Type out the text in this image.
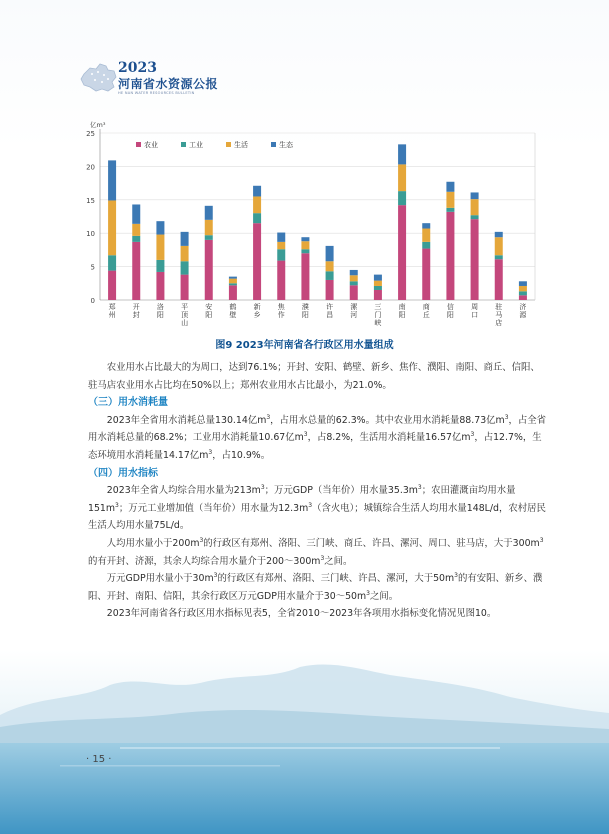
2023
河南省水资源公报
HE NAN WATER RESOURCES BULLETIN
0
5
10
15
20
25
亿m³
农业	工业	生活	生态
郑州
开封
洛阳
平顶山
安阳
鹤壁
新乡
焦作
濮阳
许昌
漯河
三门峡
南阳
商丘
信阳
周口
驻马店
济源
图9 2023年河南省各行政区用水量组成

农业用水占比最大的为周口，达到76.1%；开封、安阳、鹤壁、新乡、焦作、濮阳、南阳、商丘、信阳、驻马店农业用水占比均在50%以上；郑州农业用水占比最小，为21.0%。

（三）用水消耗量

2023年全省用水消耗总量130.14亿$m^3$，占用水总量的62.3%。其中农业用水消耗量88.73亿$m^3$，占全省用水消耗总量的68.2%；工业用水消耗量10.67亿$m^3$，占8.2%，生活用水消耗量16.57亿$m^3$，占12.7%，生态环境用水消耗量14.17亿$m^3$，占10.9%。

（四）用水指标

2023年全省人均综合用水量为$213m^3$；万元GDP（当年价）用水量$35.3m^3$；农田灌溉亩均用水量$151m^3$；万元工业增加值（当年价）用水量为$12.3m^3$（含火电）；城镇综合生活人均用水量148L/d，农村居民生活人均用水量75L/d。

人均用水量小于$200m^3$的行政区有郑州、洛阳、三门峡、商丘、许昌、漯河、周口、驻马店，大于$300m^3$的有开封、济源，其余人均综合用水量介于$200\sim 300m^3$之间。

万元GDP用水量小于$30m^3$的行政区有郑州、洛阳、三门峡、许昌、漯河，大于$50m^3$的有安阳、新乡、濮阳、开封、南阳、信阳，其余行政区万元GDP用水量介于$30\sim 50m^3$之间。

2023年河南省各行政区用水指标见表5，全省2010～2023年各项用水指标变化情况见图10。

· 15 ·
